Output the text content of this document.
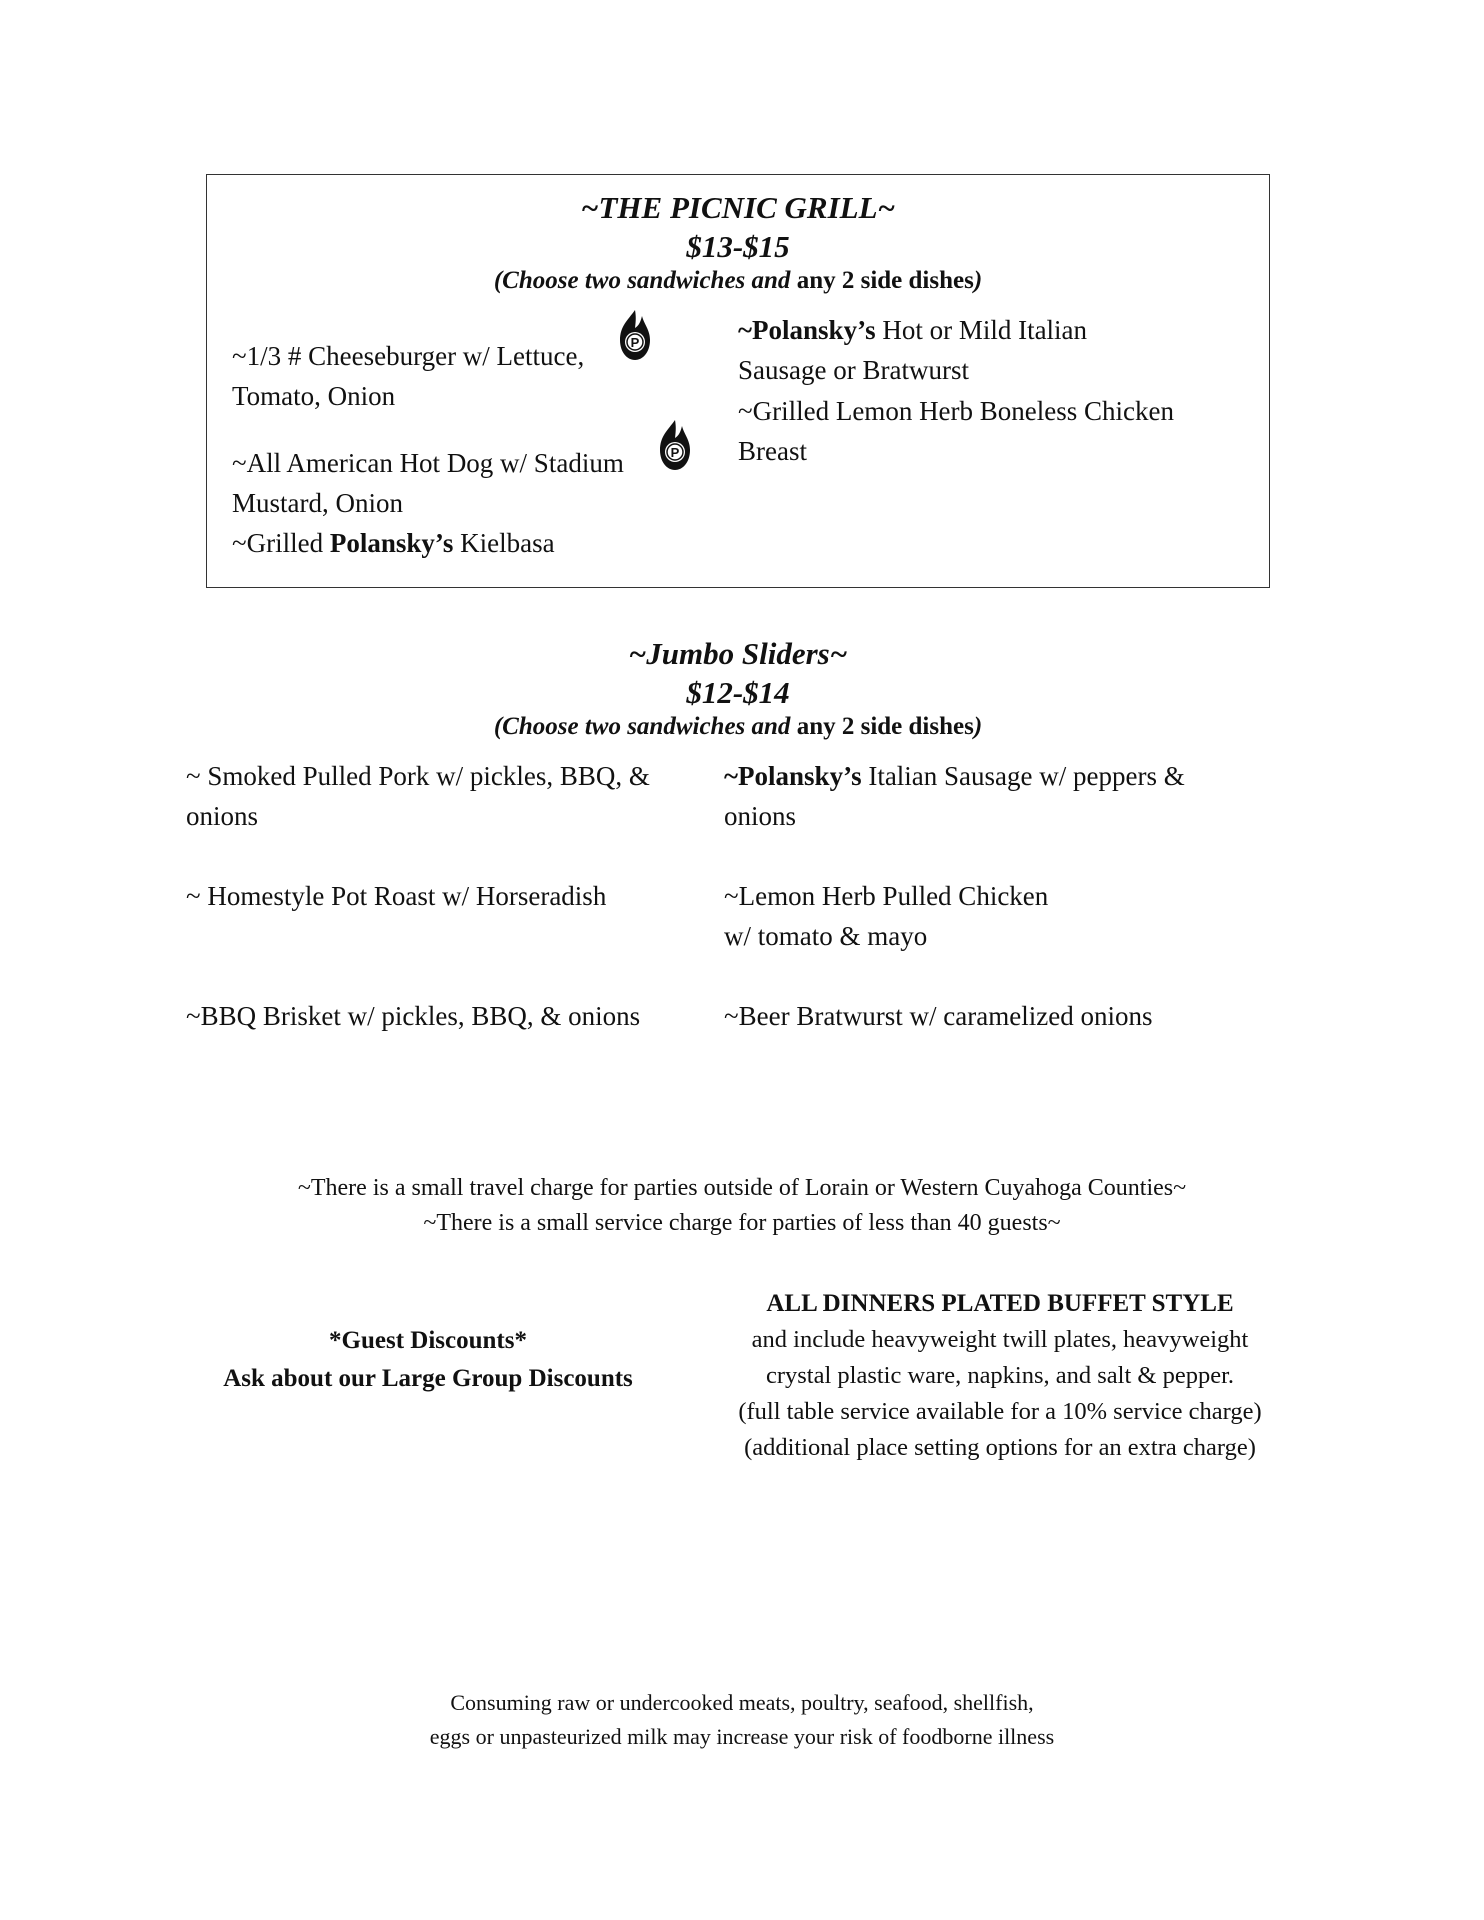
~THE PICNIC GRILL~
$13-$15
(Choose two sandwiches and any 2 side dishes)
~1/3 # Cheeseburger w/ Lettuce,
Tomato, Onion
P
~All American Hot Dog w/ Stadium
Mustard, Onion
P
~Grilled Polansky’s Kielbasa
~Polansky’s Hot or Mild Italian
Sausage or Bratwurst
~Grilled Lemon Herb Boneless Chicken
Breast
~Jumbo Sliders~
$12-$14
(Choose two sandwiches and any 2 side dishes)
~ Smoked Pulled Pork w/ pickles, BBQ, &
onions
~ Homestyle Pot Roast w/ Horseradish
~BBQ Brisket w/ pickles, BBQ, & onions
~Polansky’s Italian Sausage w/ peppers &
onions
~Lemon Herb Pulled Chicken
w/ tomato & mayo
~Beer Bratwurst w/ caramelized onions
~There is a small travel charge for parties outside of Lorain or Western Cuyahoga Counties~
~There is a small service charge for parties of less than 40 guests~
*Guest Discounts*
Ask about our Large Group Discounts
ALL DINNERS PLATED BUFFET STYLE
and include heavyweight twill plates, heavyweight
crystal plastic ware, napkins, and salt & pepper.
(full table service available for a 10% service charge)
(additional place setting options for an extra charge)
Consuming raw or undercooked meats, poultry, seafood, shellfish,
eggs or unpasteurized milk may increase your risk of foodborne illness
